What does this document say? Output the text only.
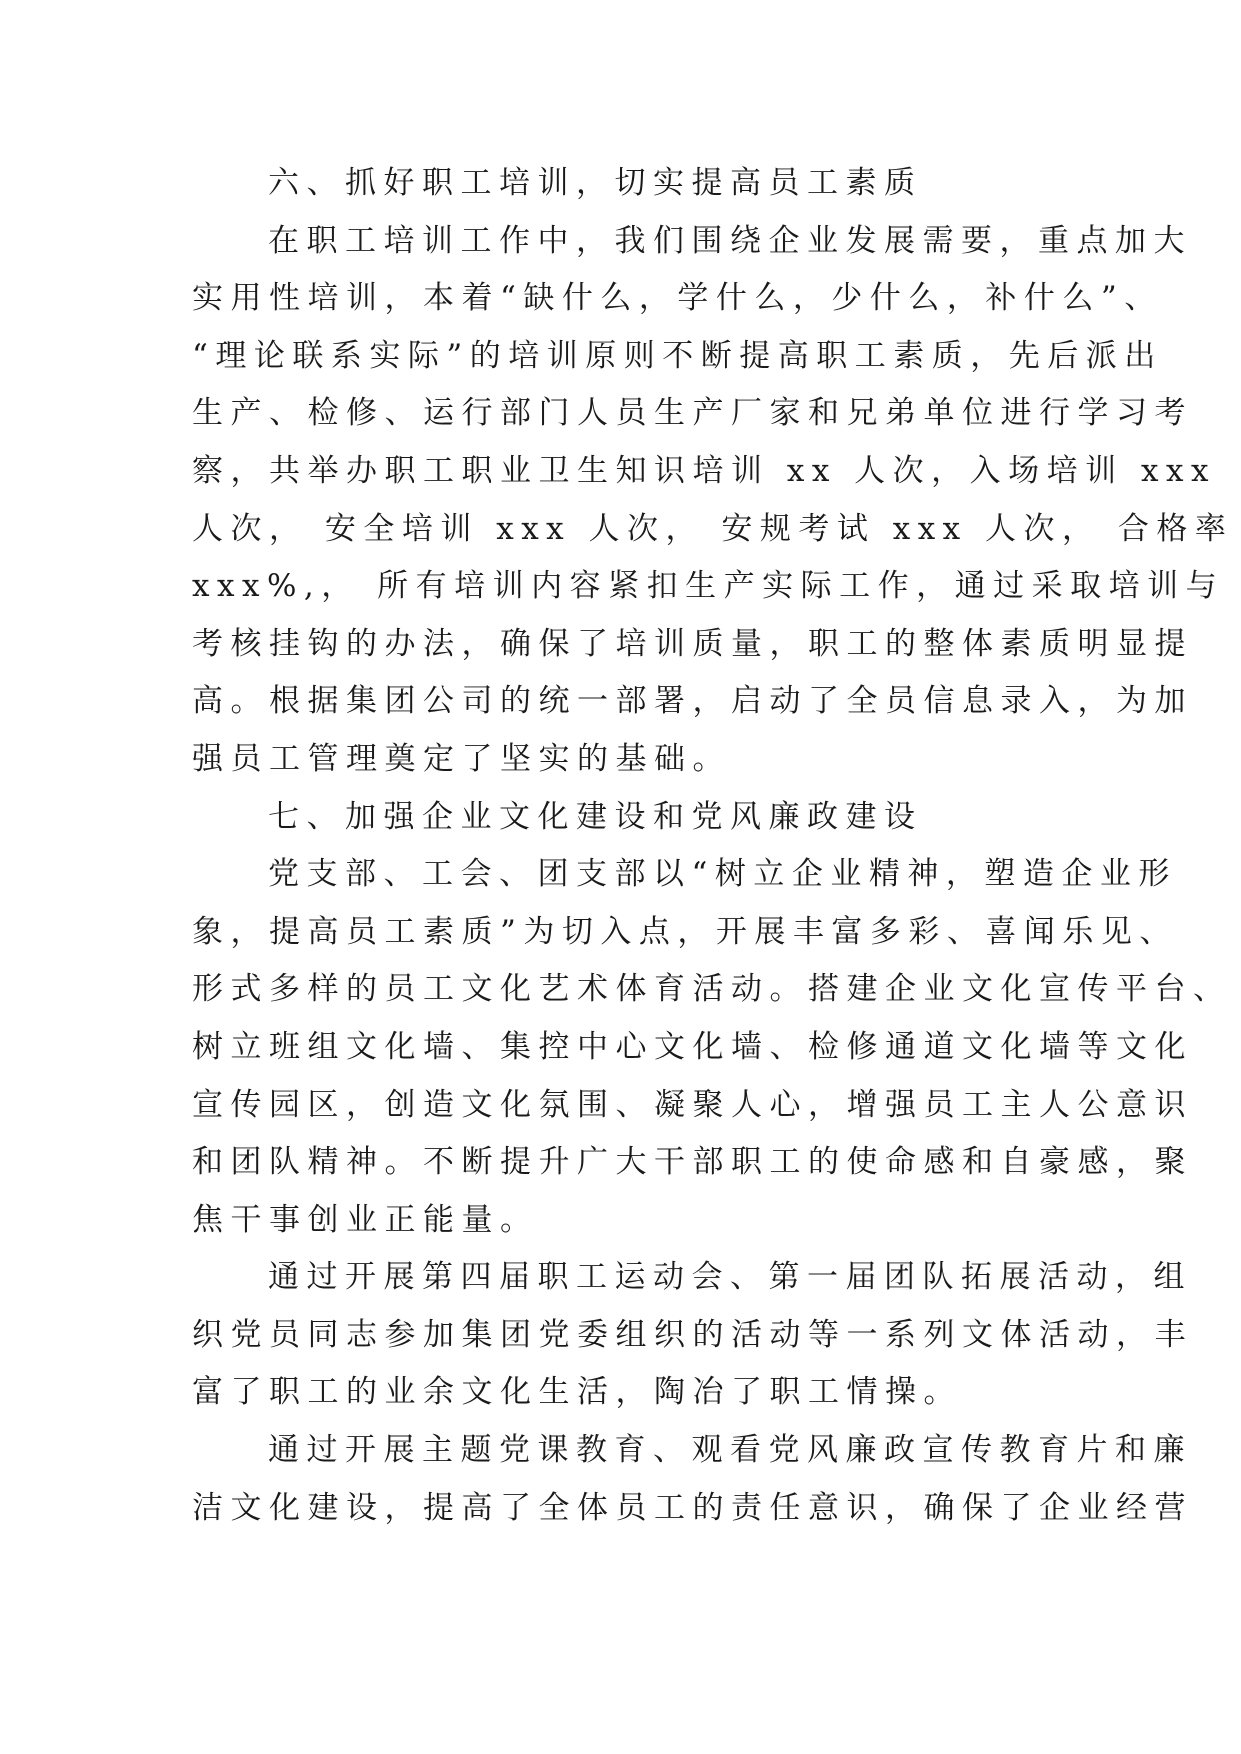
六、抓好职工培训，切实提高员工素质
在职工培训工作中，我们围绕企业发展需要，重点加大
实用性培训，本着“缺什么，学什么，少什么，补什么”、
“理论联系实际”的培训原则不断提高职工素质，先后派出
生产、检修、运行部门人员生产厂家和兄弟单位进行学习考
察，共举办职工职业卫生知识培训 xx 人次，入场培训 xxx
人次， 安全培训 xxx 人次， 安规考试 xxx 人次， 合格率
xxx%,， 所有培训内容紧扣生产实际工作，通过采取培训与
考核挂钩的办法，确保了培训质量，职工的整体素质明显提
高。根据集团公司的统一部署，启动了全员信息录入，为加
强员工管理奠定了坚实的基础。
七、加强企业文化建设和党风廉政建设
党支部、工会、团支部以“树立企业精神，塑造企业形
象，提高员工素质”为切入点，开展丰富多彩、喜闻乐见、
形式多样的员工文化艺术体育活动。搭建企业文化宣传平台、
树立班组文化墙、集控中心文化墙、检修通道文化墙等文化
宣传园区，创造文化氛围、凝聚人心，增强员工主人公意识
和团队精神。不断提升广大干部职工的使命感和自豪感，聚
焦干事创业正能量。
通过开展第四届职工运动会、第一届团队拓展活动，组
织党员同志参加集团党委组织的活动等一系列文体活动，丰
富了职工的业余文化生活，陶冶了职工情操。
通过开展主题党课教育、观看党风廉政宣传教育片和廉
洁文化建设，提高了全体员工的责任意识，确保了企业经营
